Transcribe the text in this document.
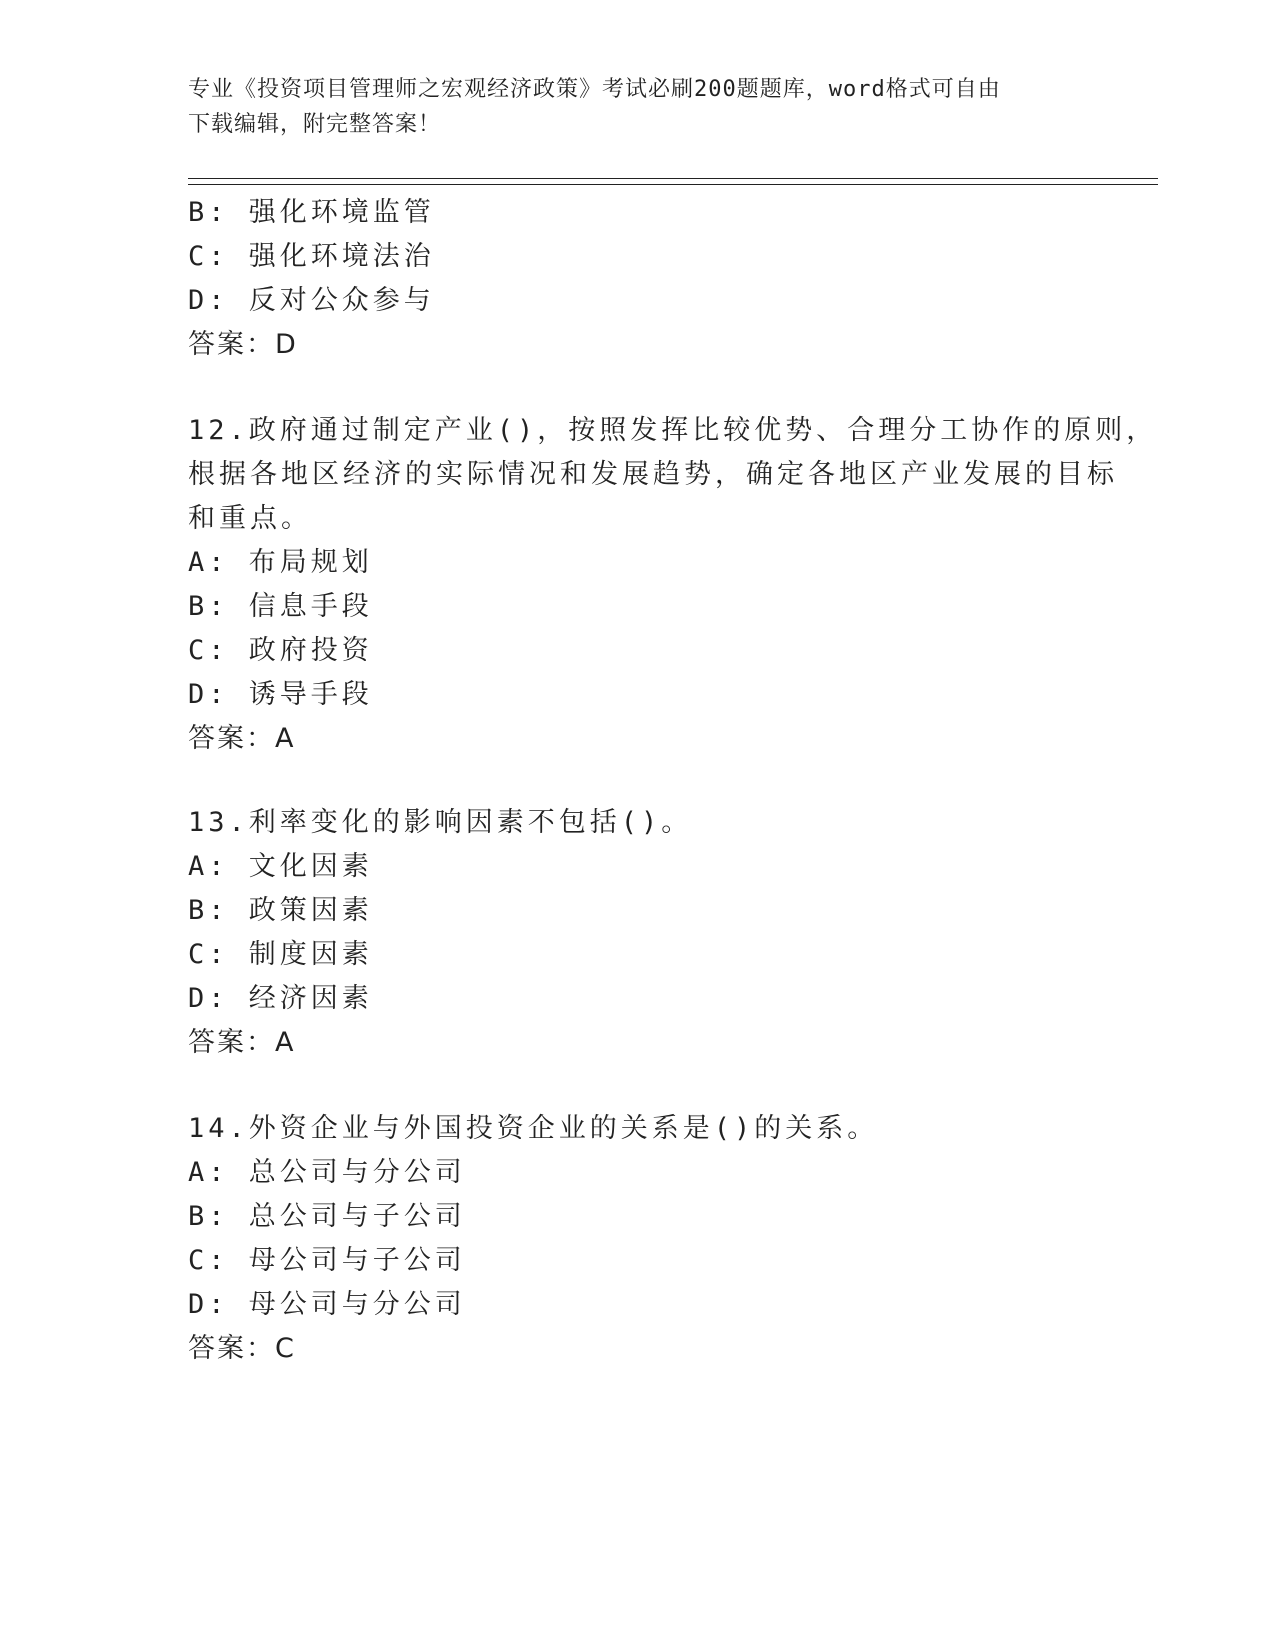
专业《投资项目管理师之宏观经济政策》考试必刷200题题库，word格式可自由
下载编辑，附完整答案！
B: 强化环境监管
C: 强化环境法治
D: 反对公众参与
答案：D
12.政府通过制定产业()，按照发挥比较优势、合理分工协作的原则，
根据各地区经济的实际情况和发展趋势，确定各地区产业发展的目标
和重点。
A: 布局规划
B: 信息手段
C: 政府投资
D: 诱导手段
答案：A
13.利率变化的影响因素不包括()。
A: 文化因素
B: 政策因素
C: 制度因素
D: 经济因素
答案：A
14.外资企业与外国投资企业的关系是()的关系。
A: 总公司与分公司
B: 总公司与子公司
C: 母公司与子公司
D: 母公司与分公司
答案：C
